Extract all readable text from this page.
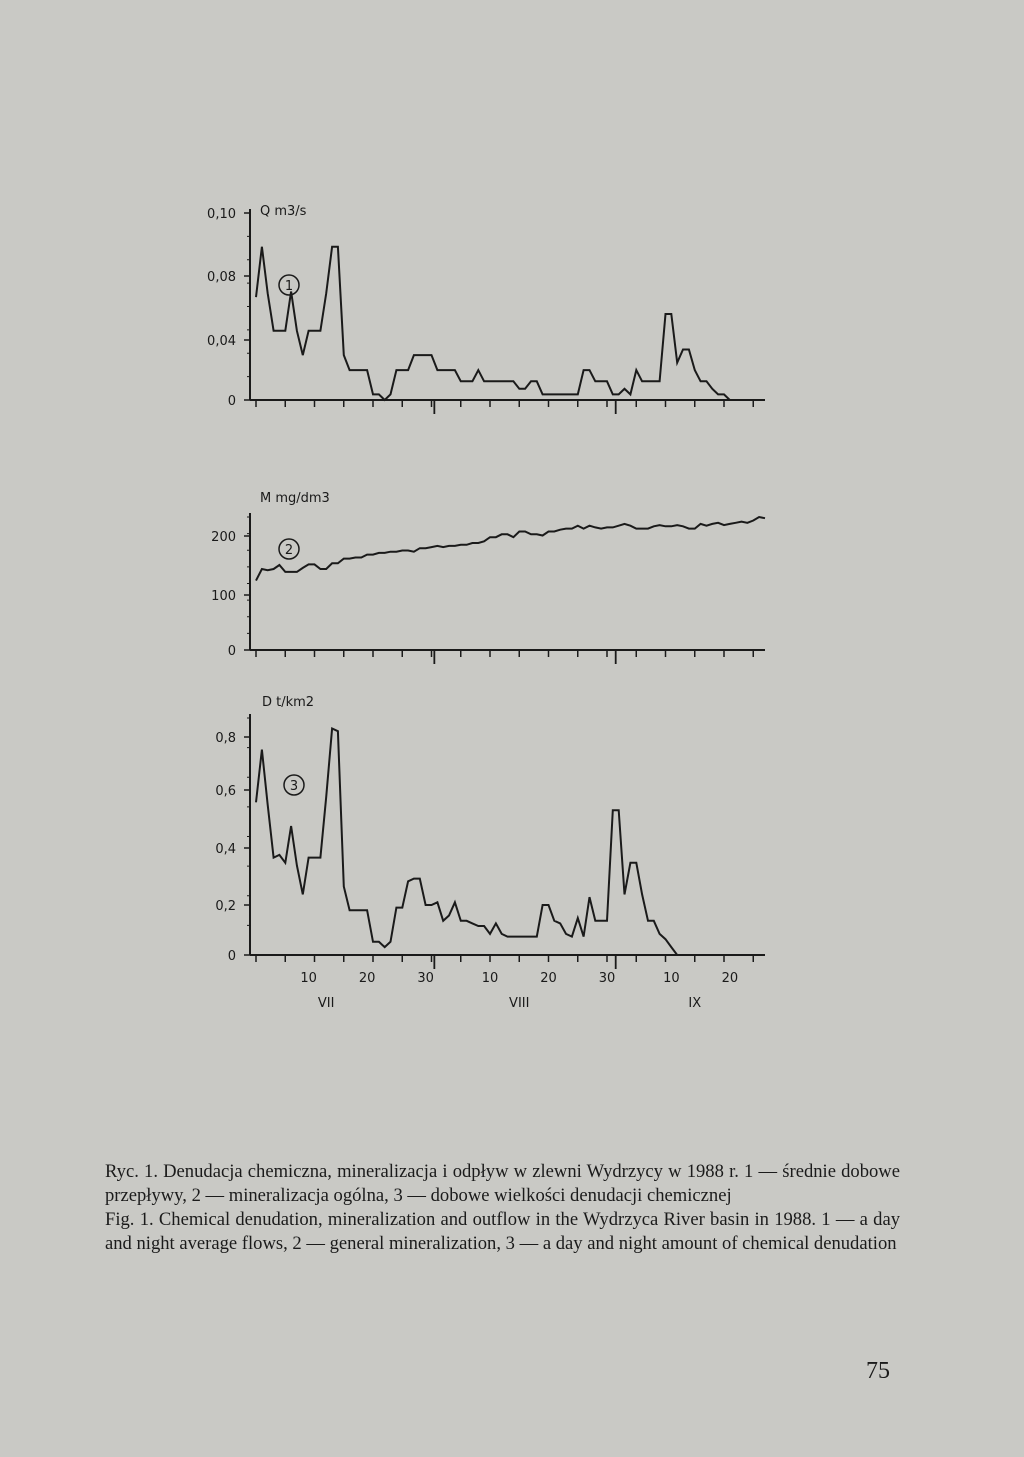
0,10
0,08
0,04
0
Q m3/s
1
200
100
0
M mg/dm3
2
0,8
0,6
0,4
0,2
0
D t/km2
3
10	20	30	10	20	30	10	20
VII	VIII	IX

Ryc. 1. Denudacja chemiczna, mineralizacja i odpływ w zlewni Wydrzycy w 1988 r. 1 — średnie dobowe przepływy, 2 — mineralizacja ogólna, 3 — dobowe wielkości denudacji chemicznej

Fig. 1. Chemical denudation, mineralization and outflow in the Wydrzyca River basin in 1988. 1 — a day and night average flows, 2 — general mineralization, 3 — a day and night amount of chemical denudation

75
